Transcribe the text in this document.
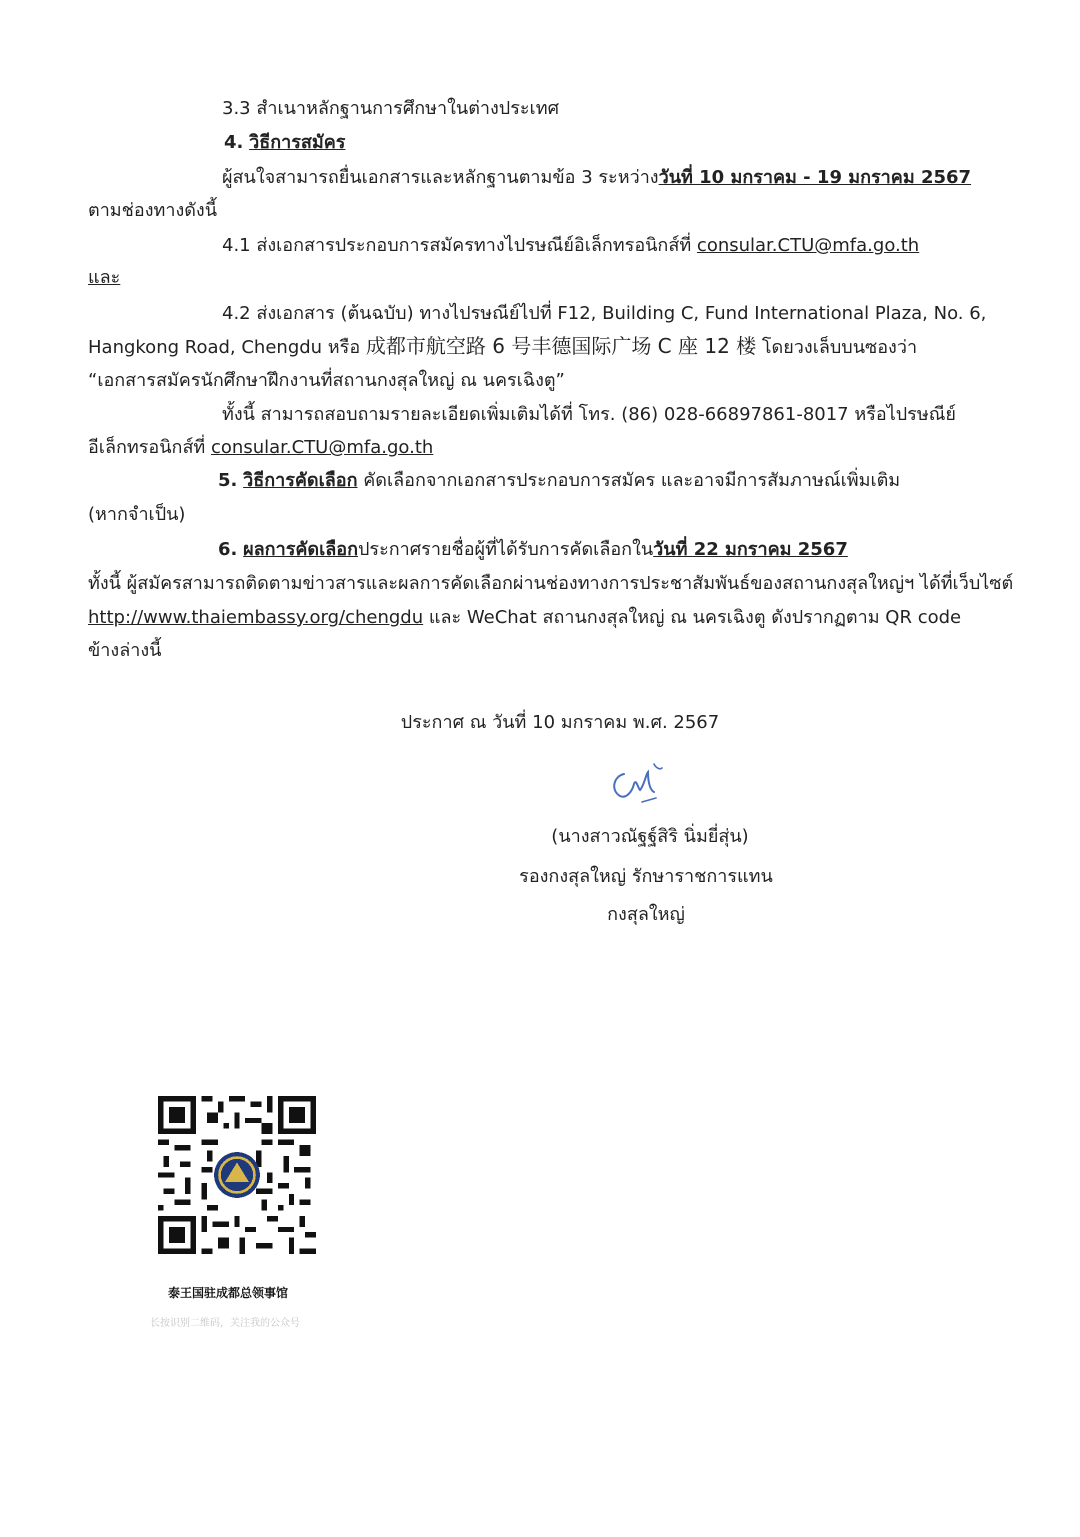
3.3 สำเนาหลักฐานการศึกษาในต่างประเทศ
4. วิธีการสมัคร
ผู้สนใจสามารถยื่นเอกสารและหลักฐานตามข้อ 3 ระหว่างวันที่ 10 มกราคม - 19 มกราคม 2567
ตามช่องทางดังนี้
4.1 ส่งเอกสารประกอบการสมัครทางไปรษณีย์อิเล็กทรอนิกส์ที่ consular.CTU@mfa.go.th
และ
4.2 ส่งเอกสาร (ต้นฉบับ) ทางไปรษณีย์ไปที่ F12, Building C, Fund International Plaza, No. 6,
Hangkong Road, Chengdu หรือ 成都市航空路 6 号丰德国际广场 C 座 12 楼 โดยวงเล็บบนซองว่า
“เอกสารสมัครนักศึกษาฝึกงานที่สถานกงสุลใหญ่ ณ นครเฉิงตู”
ทั้งนี้ สามารถสอบถามรายละเอียดเพิ่มเติมได้ที่ โทร. (86) 028-66897861-8017 หรือไปรษณีย์
อีเล็กทรอนิกส์ที่ consular.CTU@mfa.go.th
5. วิธีการคัดเลือก คัดเลือกจากเอกสารประกอบการสมัคร และอาจมีการสัมภาษณ์เพิ่มเติม
(หากจำเป็น)
6. ผลการคัดเลือกประกาศรายชื่อผู้ที่ได้รับการคัดเลือกในวันที่ 22 มกราคม 2567
ทั้งนี้ ผู้สมัครสามารถติดตามข่าวสารและผลการคัดเลือกผ่านช่องทางการประชาสัมพันธ์ของสถานกงสุลใหญ่ฯ ได้ที่เว็บไซต์
http://www.thaiembassy.org/chengdu และ WeChat สถานกงสุลใหญ่ ณ นครเฉิงตู ดังปรากฏตาม QR code
ข้างล่างนี้
ประกาศ ณ วันที่ 10 มกราคม พ.ศ. 2567
(นางสาวณัฐฐ์สิริ นิ่มยี่สุ่น)
รองกงสุลใหญ่ รักษาราชการแทน
กงสุลใหญ่
泰王国驻成都总领事馆
长按识别二维码，关注我的公众号
